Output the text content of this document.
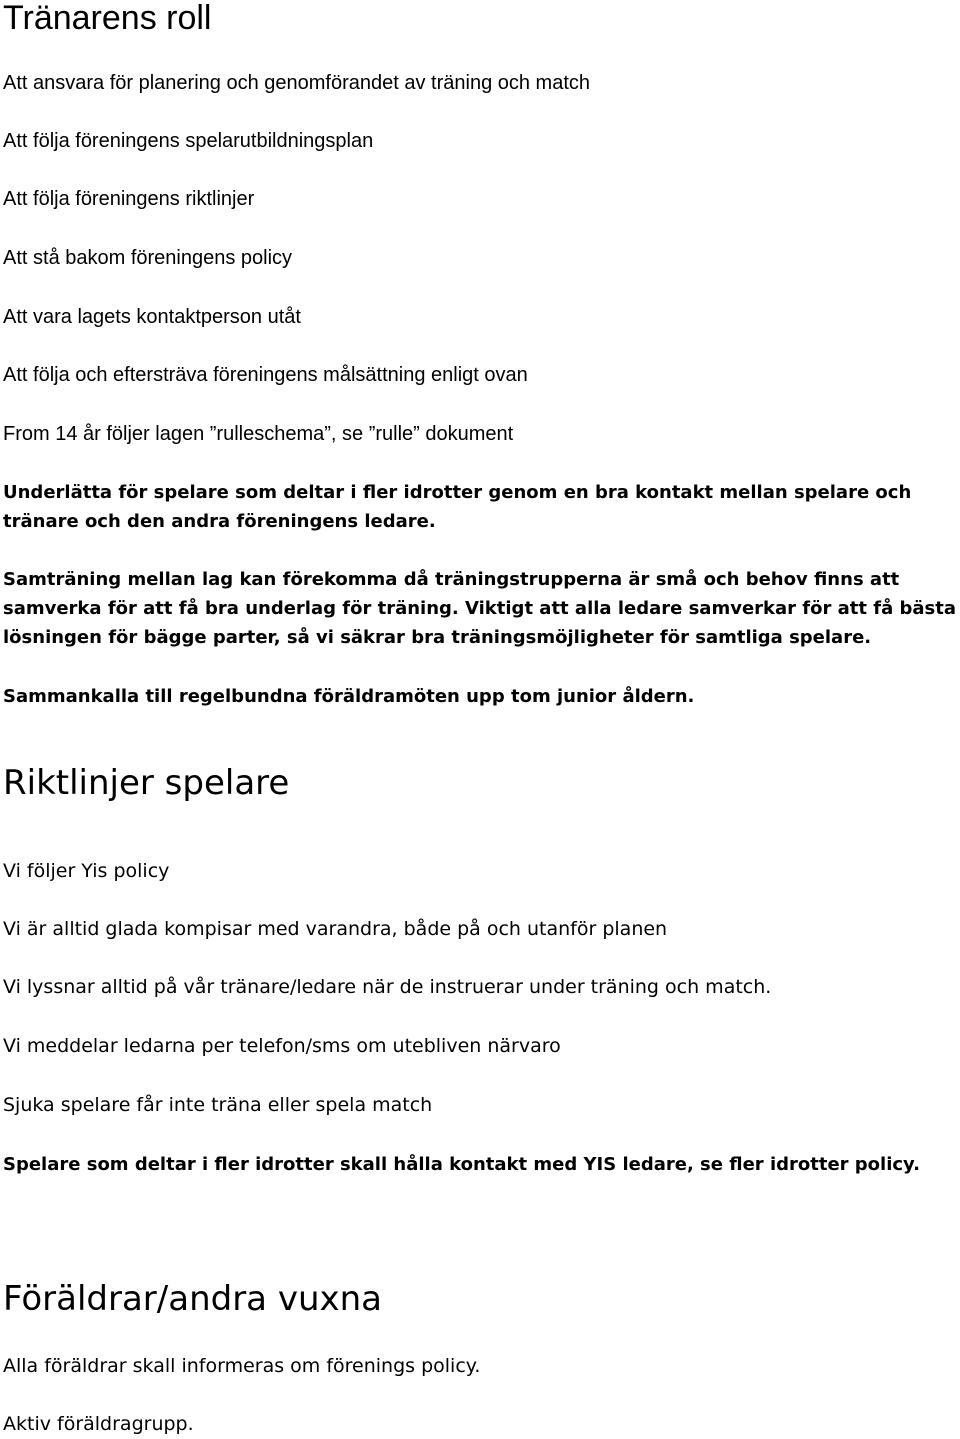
Tränarens roll

Att ansvara för planering och genomförandet av träning och match

Att följa föreningens spelarutbildningsplan

Att följa föreningens riktlinjer

Att stå bakom föreningens policy

Att vara lagets kontaktperson utåt

Att följa och eftersträva föreningens målsättning enligt ovan

From 14 år följer lagen ”rulleschema”, se ”rulle” dokument

Underlätta för spelare som deltar i fler idrotter genom en bra kontakt mellan spelare och tränare och den andra föreningens ledare.

Samträning mellan lag kan förekomma då träningstrupperna är små och behov finns att samverka för att få bra underlag för träning. Viktigt att alla ledare samverkar för att få bästa lösningen för bägge parter, så vi säkrar bra träningsmöjligheter för samtliga spelare.

Sammankalla till regelbundna föräldramöten upp tom junior åldern.

Riktlinjer spelare

Vi följer Yis policy

Vi är alltid glada kompisar med varandra, både på och utanför planen

Vi lyssnar alltid på vår tränare/ledare när de instruerar under träning och match.

Vi meddelar ledarna per telefon/sms om utebliven närvaro

Sjuka spelare får inte träna eller spela match

Spelare som deltar i fler idrotter skall hålla kontakt med YIS ledare, se fler idrotter policy.

Föräldrar/andra vuxna

Alla föräldrar skall informeras om förenings policy.

Aktiv föräldragrupp.
